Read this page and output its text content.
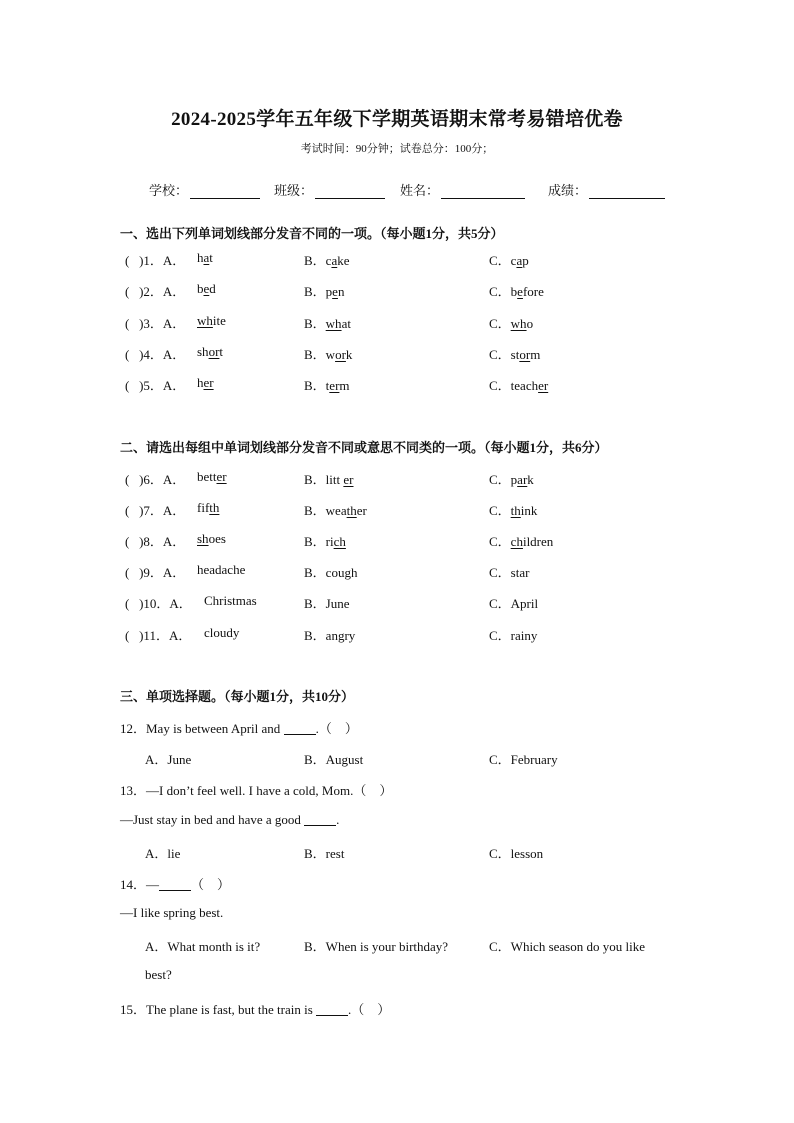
2024-2025学年五年级下学期英语期末常考易错培优卷
考试时间：90分钟；试卷总分：100分；
学校：	班级：	姓名：	成绩：
一、选出下列单词划线部分发音不同的一项。（每小题1分，共5分）
(   )1．A． hat	B．cake	C．cap
(   )2．A． bed	B．pen	C．before
(   )3．A． white	B．what	C．who
(   )4．A． short	B．work	C．storm
(   )5．A． her	B．term	C．teacher
二、请选出每组中单词划线部分发音不同或意思不同类的一项。（每小题1分，共6分）
(   )6．A． better	B．litt er	C．park
(   )7．A． fifth	B．weather	C．think
(   )8．A． shoes	B．rich	C．children
(   )9．A． headache	B．cough	C．star
(   )10．A． Christmas	B．June	C．April
(   )11．A． cloudy	B．angry	C．rainy
三、单项选择题。（每小题1分，共10分）
12．May is between April and	.（　）
A．June	B．August	C．February
13．—I don’t feel well. I have a cold, Mom.（　）
—Just stay in bed and have a good	.
A．lie	B．rest	C．lesson
14．— （　）
—I like spring best.
A．What month is it?	B．When is your birthday?	C．Which season do you like
best?
15．The plane is fast, but the train is	.（　）
